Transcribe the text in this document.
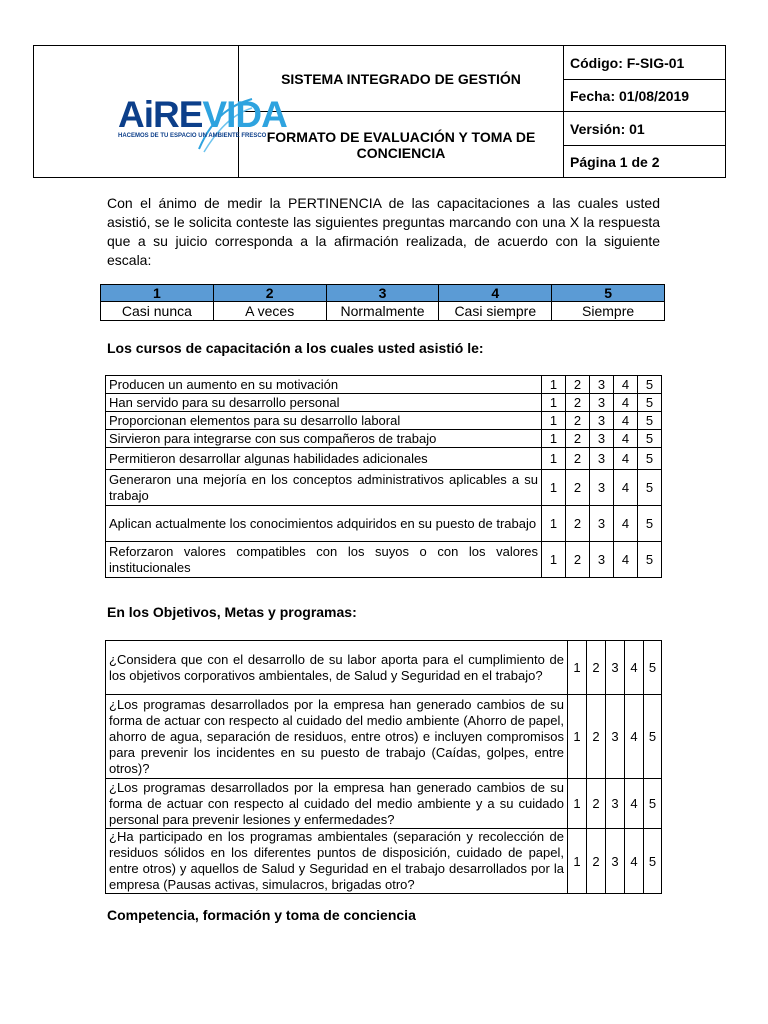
AiREVIDA
HACEMOS DE TU ESPACIO UN AMBIENTE FRESCO	SISTEMA INTEGRADO DE GESTIÓN	Código: F-SIG-01
		Fecha: 01/08/2019
	FORMATO DE EVALUACIÓN Y TOMA DE CONCIENCIA	Versión: 01
		Página 1 de 2
Con el ánimo de medir la PERTINENCIA de las capacitaciones a las cuales usted asistió, se le solicita conteste las siguientes preguntas marcando con una X la respuesta que a su juicio corresponda a la afirmación realizada, de acuerdo con la siguiente escala:
1	2	3	4	5
Casi nunca	A veces	Normalmente	Casi siempre	Siempre
Los cursos de capacitación a los cuales usted asistió le:
Producen un aumento en su motivación	1	2	3	4	5
Han servido para su desarrollo personal	1	2	3	4	5
Proporcionan elementos para su desarrollo laboral	1	2	3	4	5
Sirvieron para integrarse con sus compañeros de trabajo	1	2	3	4	5
Permitieron desarrollar algunas habilidades adicionales	1	2	3	4	5
Generaron una mejoría en los conceptos administrativos aplicables a su trabajo	1	2	3	4	5
Aplican actualmente los conocimientos adquiridos en su puesto de trabajo	1	2	3	4	5
Reforzaron valores compatibles con los suyos o con los valores institucionales	1	2	3	4	5
En los Objetivos, Metas y programas:
¿Considera que con el desarrollo de su labor aporta para el cumplimiento de los objetivos corporativos ambientales, de Salud y Seguridad en el trabajo?	1	2	3	4	5
¿Los programas desarrollados por la empresa han generado cambios de su forma de actuar con respecto al cuidado del medio ambiente (Ahorro de papel, ahorro de agua, separación de residuos, entre otros) e incluyen compromisos para prevenir los incidentes en su puesto de trabajo (Caídas, golpes, entre otros)?	1	2	3	4	5
¿Los programas desarrollados por la empresa han generado cambios de su forma de actuar con respecto al cuidado del medio ambiente y a su cuidado personal para prevenir lesiones y enfermedades?	1	2	3	4	5
¿Ha participado en los programas ambientales (separación y recolección de residuos sólidos en los diferentes puntos de disposición, cuidado de papel, entre otros) y aquellos de Salud y Seguridad en el trabajo desarrollados por la empresa (Pausas activas, simulacros, brigadas otro?	1	2	3	4	5
Competencia, formación y toma de conciencia
